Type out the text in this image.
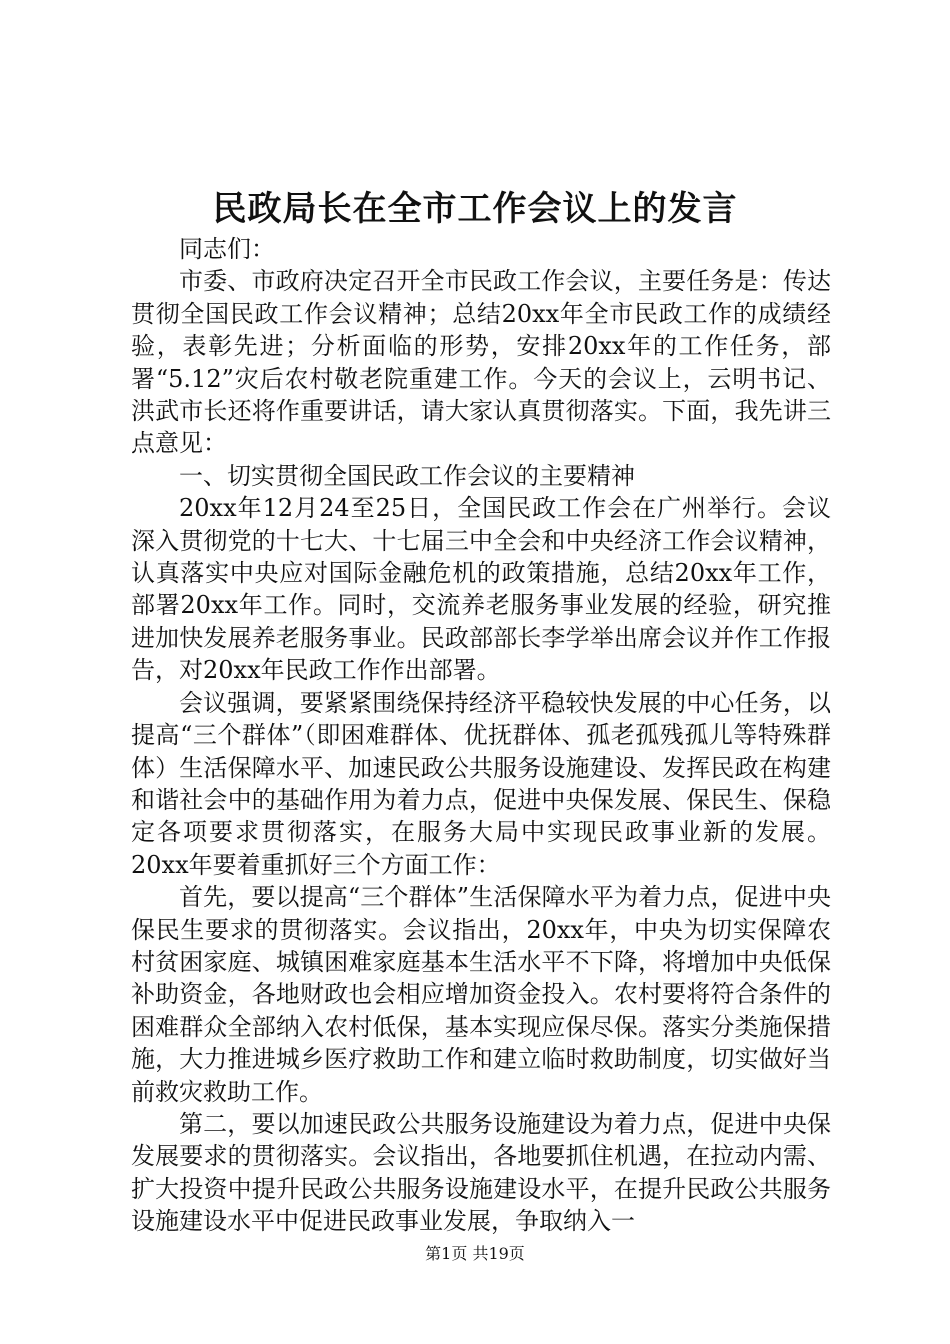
民政局长在全市工作会议上的发言

同志们：

市委、市政府决定召开全市民政工作会议，主要任务是：传达贯彻全国民政工作会议精神；总结20xx年全市民政工作的成绩经验，表彰先进；分析面临的形势，安排20xx年的工作任务，部署“5.12”灾后农村敬老院重建工作。今天的会议上，云明书记、洪武市长还将作重要讲话，请大家认真贯彻落实。下面，我先讲三点意见：

一、切实贯彻全国民政工作会议的主要精神

20xx年12月24至25日，全国民政工作会在广州举行。会议深入贯彻党的十七大、十七届三中全会和中央经济工作会议精神，认真落实中央应对国际金融危机的政策措施，总结20xx年工作，部署20xx年工作。同时，交流养老服务事业发展的经验，研究推进加快发展养老服务事业。民政部部长李学举出席会议并作工作报告，对20xx年民政工作作出部署。

会议强调，要紧紧围绕保持经济平稳较快发展的中心任务，以提高“三个群体”（即困难群体、优抚群体、孤老孤残孤儿等特殊群体）生活保障水平、加速民政公共服务设施建设、发挥民政在构建和谐社会中的基础作用为着力点，促进中央保发展、保民生、保稳定各项要求贯彻落实，在服务大局中实现民政事业新的发展。20xx年要着重抓好三个方面工作：

首先，要以提高“三个群体”生活保障水平为着力点，促进中央保民生要求的贯彻落实。会议指出，20xx年，中央为切实保障农村贫困家庭、城镇困难家庭基本生活水平不下降，将增加中央低保补助资金，各地财政也会相应增加资金投入。农村要将符合条件的困难群众全部纳入农村低保，基本实现应保尽保。落实分类施保措施，大力推进城乡医疗救助工作和建立临时救助制度，切实做好当前救灾救助工作。

第二，要以加速民政公共服务设施建设为着力点，促进中央保发展要求的贯彻落实。会议指出，各地要抓住机遇，在拉动内需、扩大投资中提升民政公共服务设施建设水平，在提升民政公共服务设施建设水平中促进民政事业发展，争取纳入一

第1页 共19页
